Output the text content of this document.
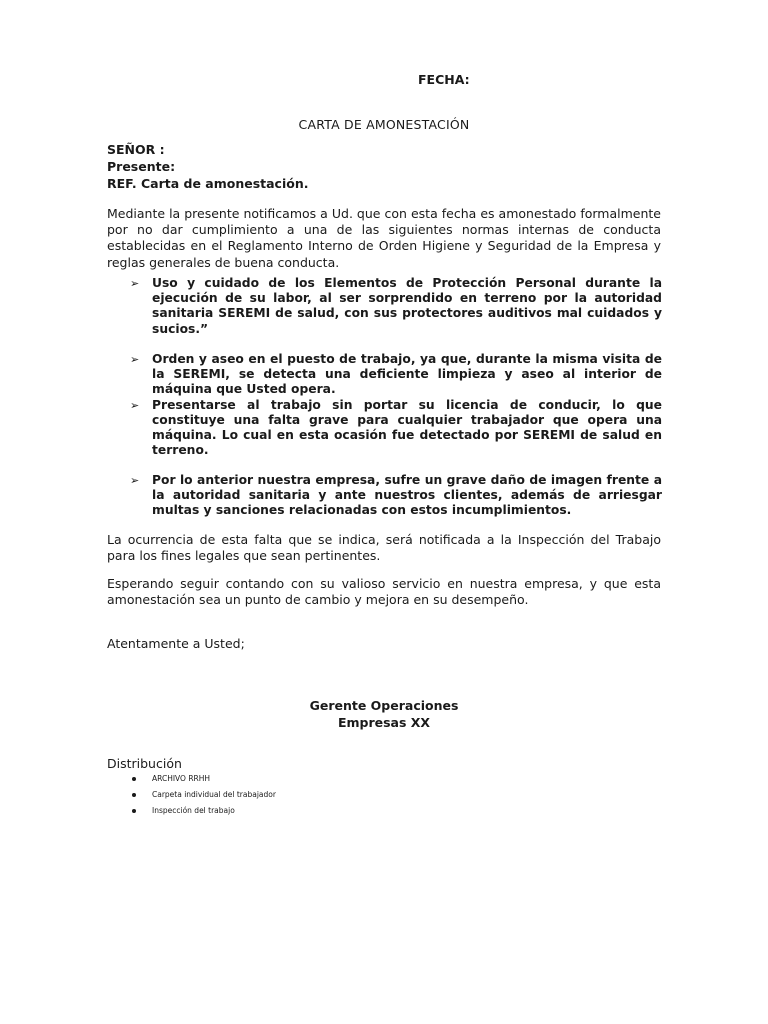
FECHA:
CARTA DE AMONESTACIÓN
SEÑOR :
Presente:
REF. Carta de amonestación.
Mediante la presente notificamos a Ud. que con esta fecha es amonestado formalmente por no dar cumplimiento a una de las siguientes normas internas de conducta establecidas en el Reglamento Interno de Orden Higiene y Seguridad de la Empresa y reglas generales de buena conducta.
➢ Uso y cuidado de los Elementos de Protección Personal durante la ejecución de su labor, al ser sorprendido en terreno por la autoridad sanitaria SEREMI de salud, con sus protectores auditivos mal cuidados y sucios.”
➢ Orden y aseo en el puesto de trabajo, ya que, durante la misma visita de la SEREMI, se detecta una deficiente limpieza y aseo al interior de máquina que Usted opera.
➢ Presentarse al trabajo sin portar su licencia de conducir, lo que constituye una falta grave para cualquier trabajador que opera una máquina. Lo cual en esta ocasión fue detectado por SEREMI de salud en terreno.
➢ Por lo anterior nuestra empresa, sufre un grave daño de imagen frente a la autoridad sanitaria y ante nuestros clientes, además de arriesgar multas y sanciones relacionadas con estos incumplimientos.
La ocurrencia de esta falta que se indica, será notificada a la Inspección del Trabajo para los fines legales que sean pertinentes.
Esperando seguir contando con su valioso servicio en nuestra empresa, y que esta amonestación sea un punto de cambio y mejora en su desempeño.
Atentamente a Usted;
Gerente Operaciones
Empresas XX
Distribución
ARCHIVO RRHH
Carpeta individual del trabajador
Inspección del trabajo
